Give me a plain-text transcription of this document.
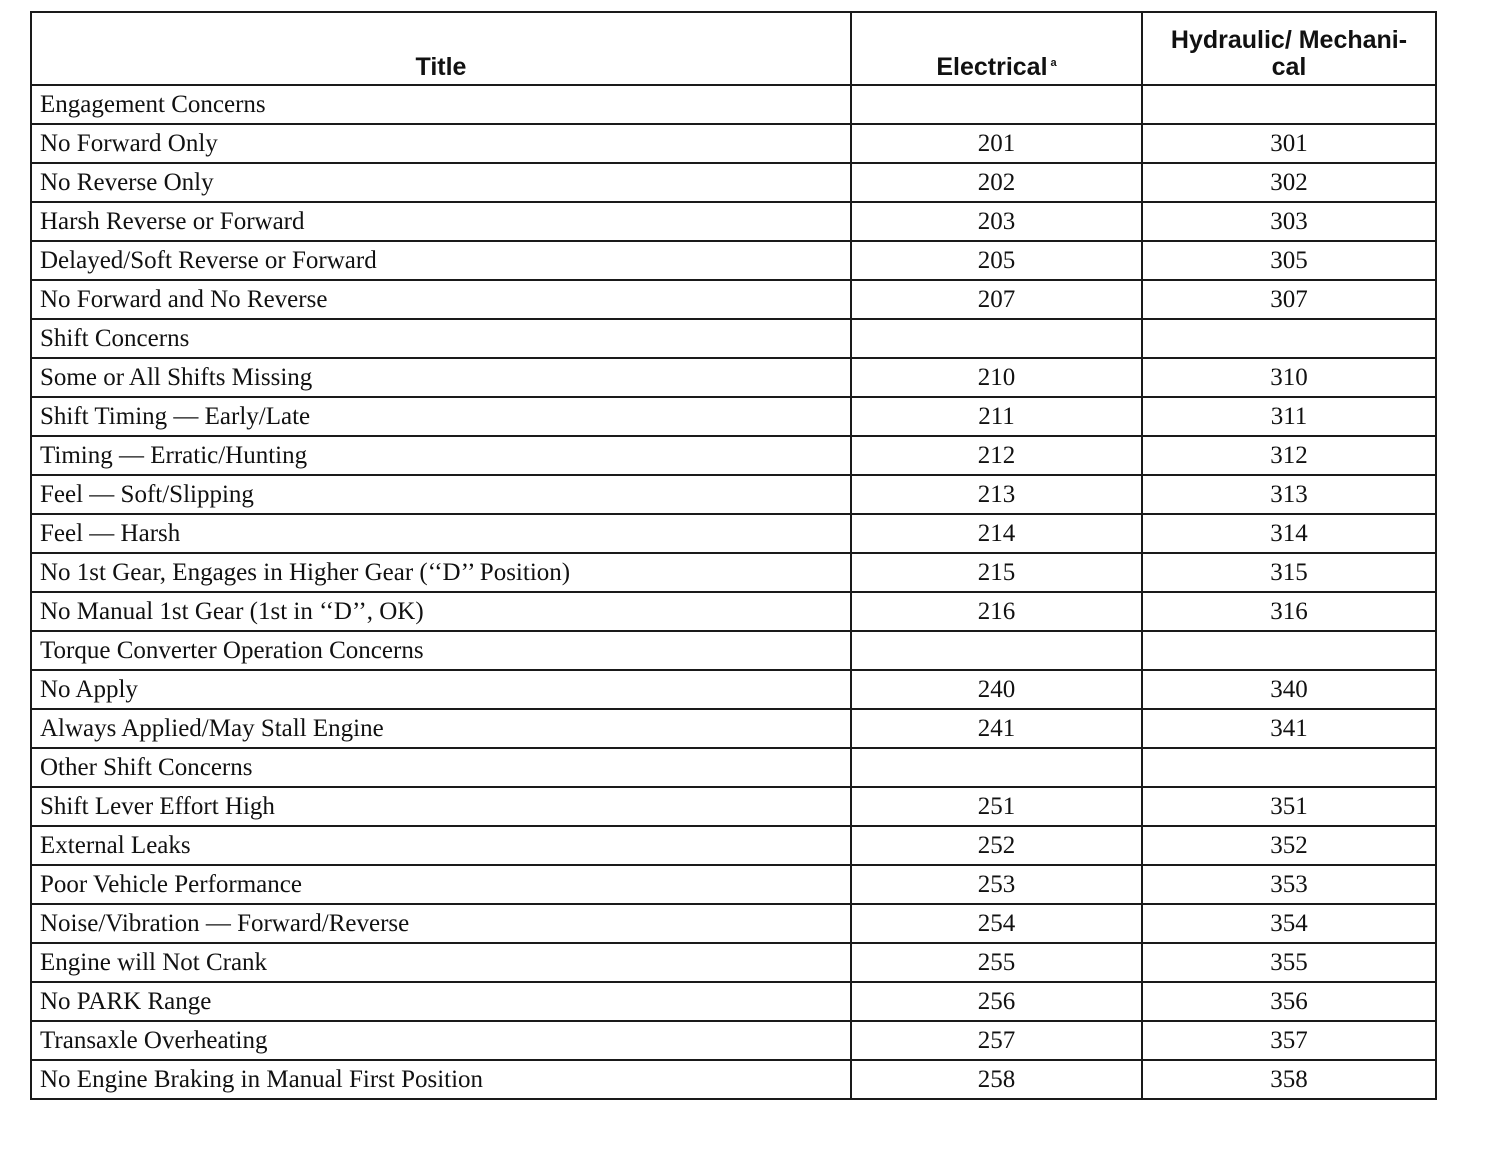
Title	Electrical $^a$	Hydraulic/ Mechani-cal

Engagement Concerns		
No Forward Only	201	301
No Reverse Only	202	302
Harsh Reverse or Forward	203	303
Delayed/Soft Reverse or Forward	205	305
No Forward and No Reverse	207	307
Shift Concerns		
Some or All Shifts Missing	210	310
Shift Timing — Early/Late	211	311
Timing — Erratic/Hunting	212	312
Feel — Soft/Slipping	213	313
Feel — Harsh	214	314
No 1st Gear, Engages in Higher Gear (‘‘D’’ Position)	215	315
No Manual 1st Gear (1st in ‘‘D’’, OK)	216	316
Torque Converter Operation Concerns		
No Apply	240	340
Always Applied/May Stall Engine	241	341
Other Shift Concerns		
Shift Lever Effort High	251	351
External Leaks	252	352
Poor Vehicle Performance	253	353
Noise/Vibration — Forward/Reverse	254	354
Engine will Not Crank	255	355
No PARK Range	256	356
Transaxle Overheating	257	357
No Engine Braking in Manual First Position	258	358
